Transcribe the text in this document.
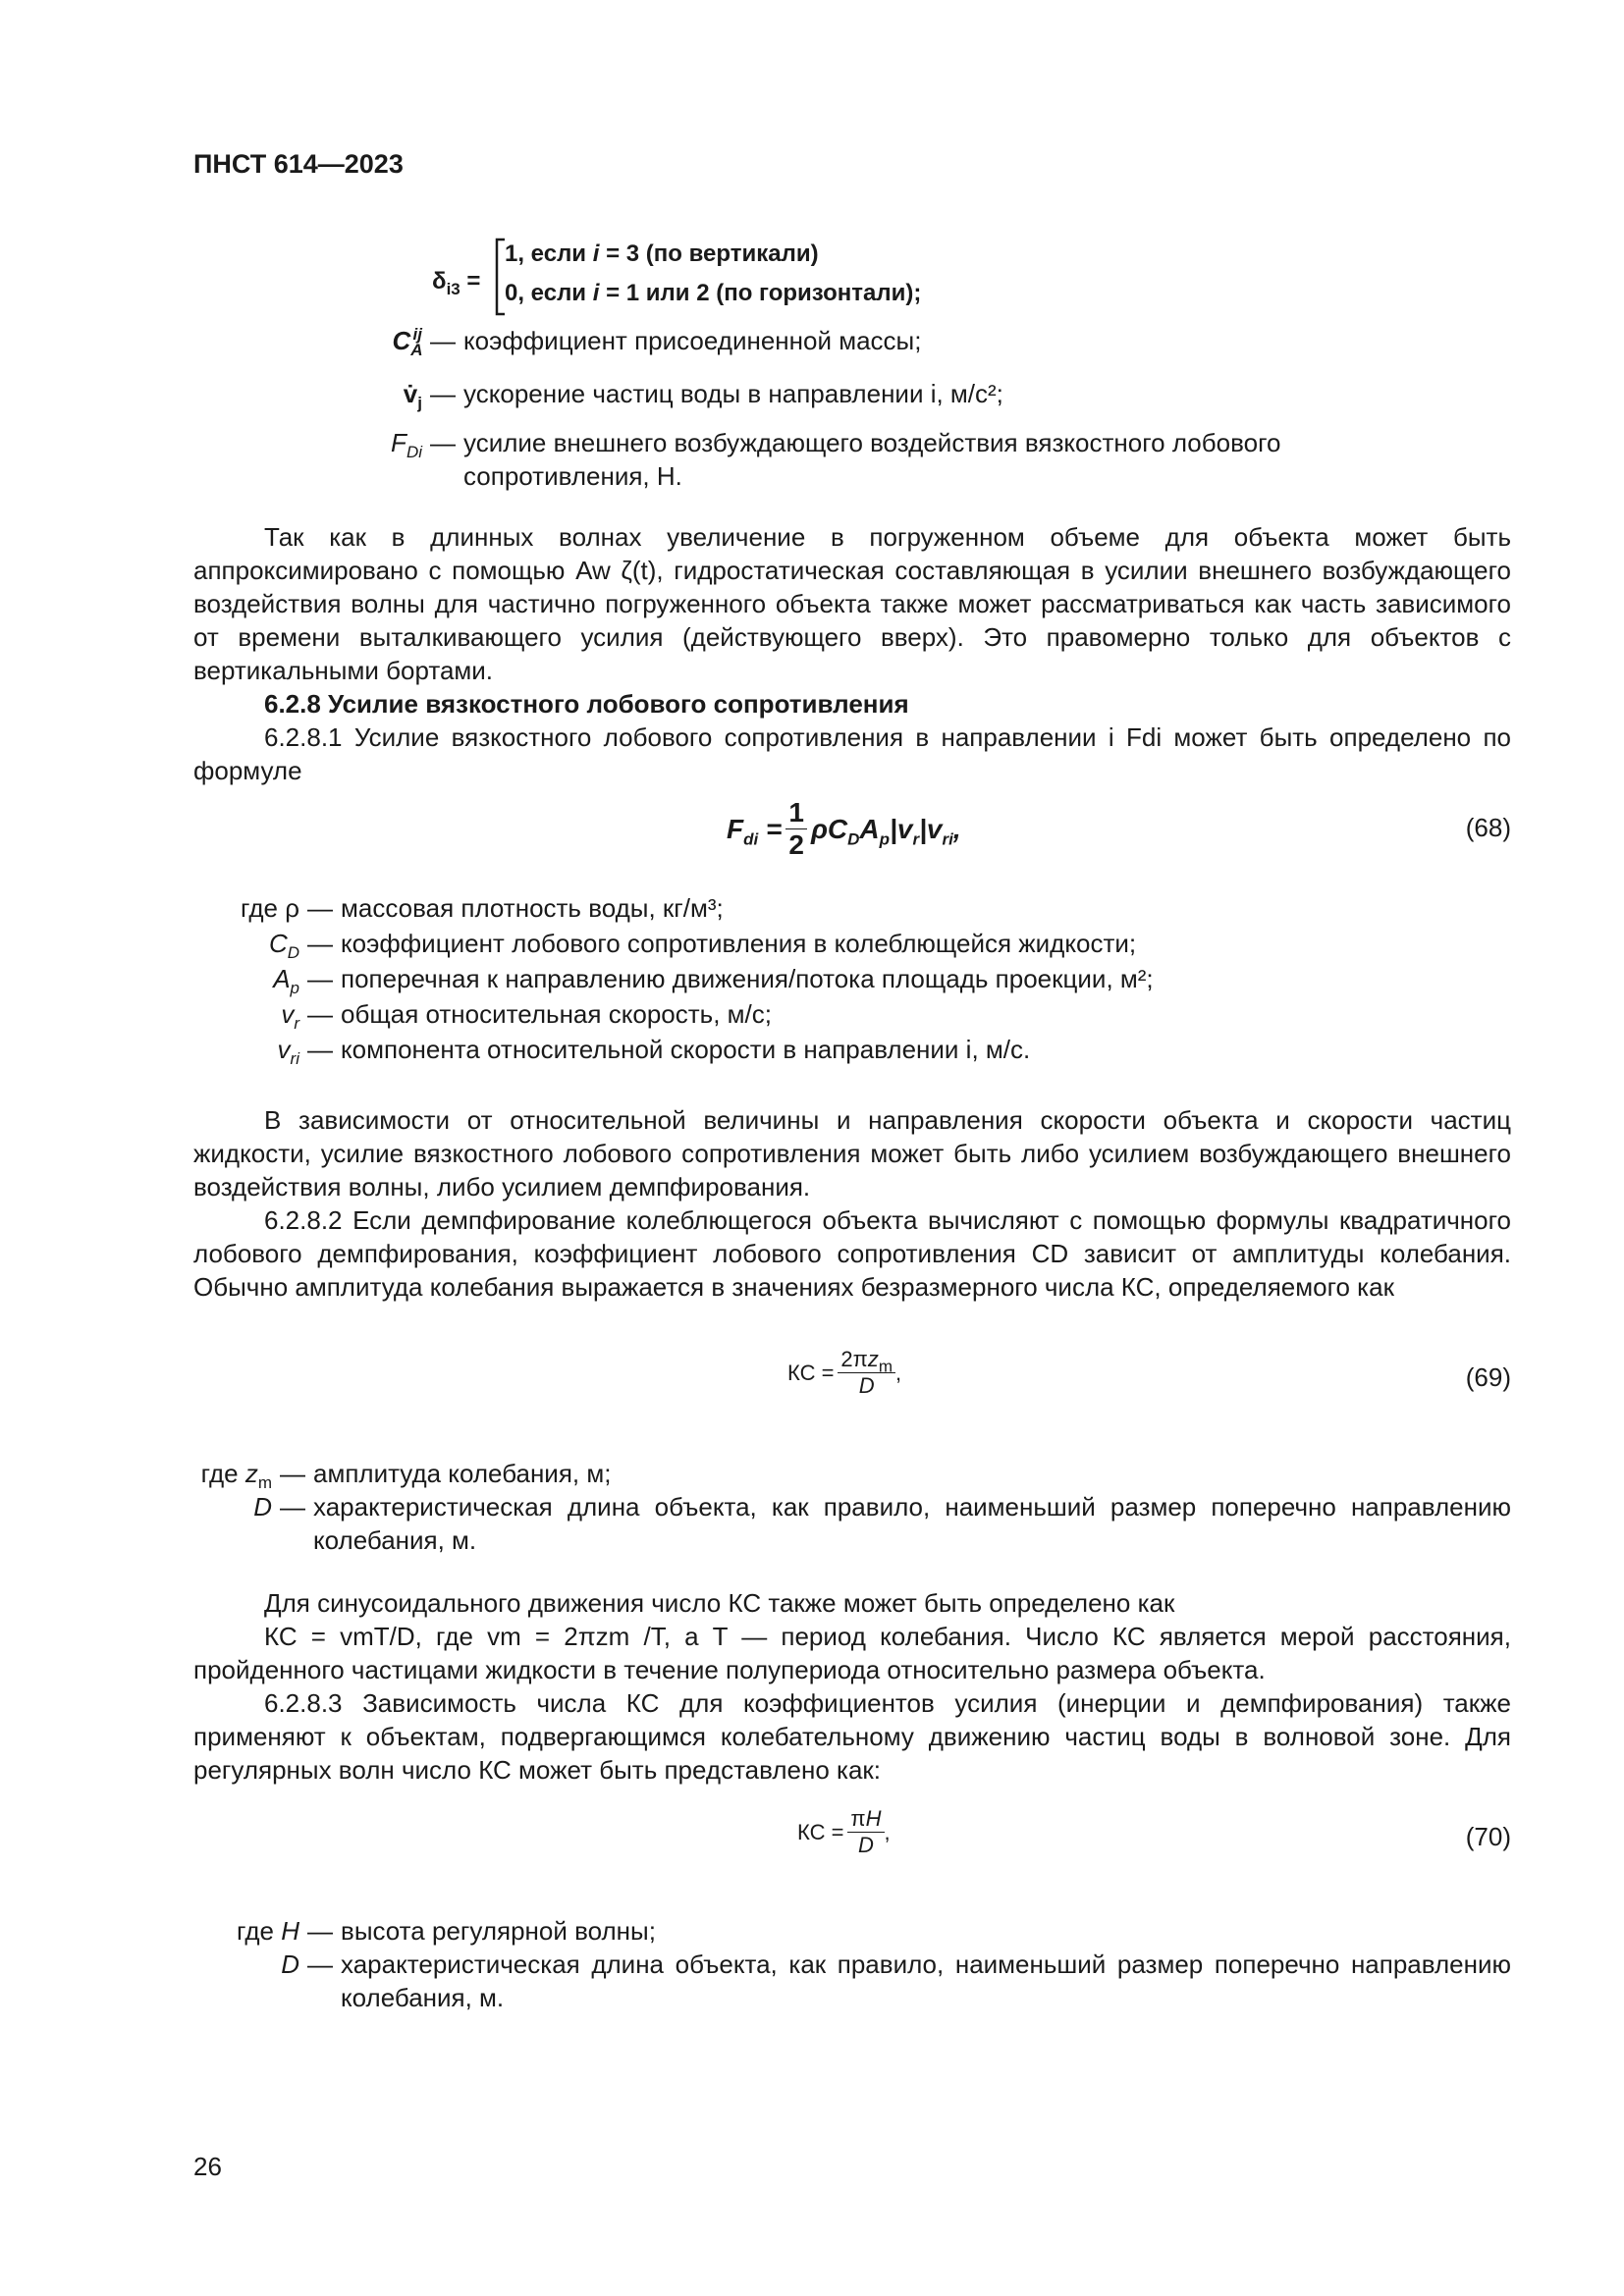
ПНСТ 614—2023
$\delta_{i3}$ =
1, если i = 3 (по вертикали)
0, если i = 1 или 2 (по горизонтали);
$C_A^{ij}$ — коэффициент присоединенной массы;
$v̇_j$ — ускорение частиц воды в направлении i, м/с²;
$F_{Di}$ — усилие внешнего возбуждающего воздействия вязкостного лобового сопротивления, Н.
Так как в длинных волнах увеличение в погруженном объеме для объекта может быть аппроксимировано с помощью Aw ζ(t), гидростатическая составляющая в усилии внешнего возбуждающего воздействия волны для частично погруженного объекта также может рассматриваться как часть зависимого от времени выталкивающего усилия (действующего вверх). Это правомерно только для объектов с вертикальными бортами.
6.2.8 Усилие вязкостного лобового сопротивления
6.2.8.1 Усилие вязкостного лобового сопротивления в направлении i Fdi может быть определено по формуле
$F_{di} = \frac{1}{2} \rho C_DA_p|v_r|v_{ri}$,	(68)
где ρ — массовая плотность воды, кг/м³;
$C_D$ — коэффициент лобового сопротивления в колеблющейся жидкости;
$A_p$ — поперечная к направлению движения/потока площадь проекции, м²;
$v_r$ — общая относительная скорость, м/с;
$v_{ri}$ — компонента относительной скорости в направлении i, м/с.
В зависимости от относительной величины и направления скорости объекта и скорости частиц жидкости, усилие вязкостного лобового сопротивления может быть либо усилием возбуждающего внешнего воздействия волны, либо усилием демпфирования.
6.2.8.2 Если демпфирование колеблющегося объекта вычисляют с помощью формулы квадратичного лобового демпфирования, коэффициент лобового сопротивления CD зависит от амплитуды колебания. Обычно амплитуда колебания выражается в значениях безразмерного числа КС, определяемого как
КС = $\frac{2\pi z_m}{D}$ ,	(69)
где $z_m$ — амплитуда колебания, м;
D — характеристическая длина объекта, как правило, наименьший размер поперечно направлению колебания, м.
Для синусоидального движения число КС также может быть определено как
КС = vmT/D, где vm = 2πzm /T, а T — период колебания. Число КС является мерой расстояния, пройденного частицами жидкости в течение полупериода относительно размера объекта.
6.2.8.3 Зависимость числа КС для коэффициентов усилия (инерции и демпфирования) также применяют к объектам, подвергающимся колебательному движению частиц воды в волновой зоне. Для регулярных волн число КС может быть представлено как:
КС = $\frac{\pi H}{D}$ ,	(70)
где H — высота регулярной волны;
D — характеристическая длина объекта, как правило, наименьший размер поперечно направлению колебания, м.
26
